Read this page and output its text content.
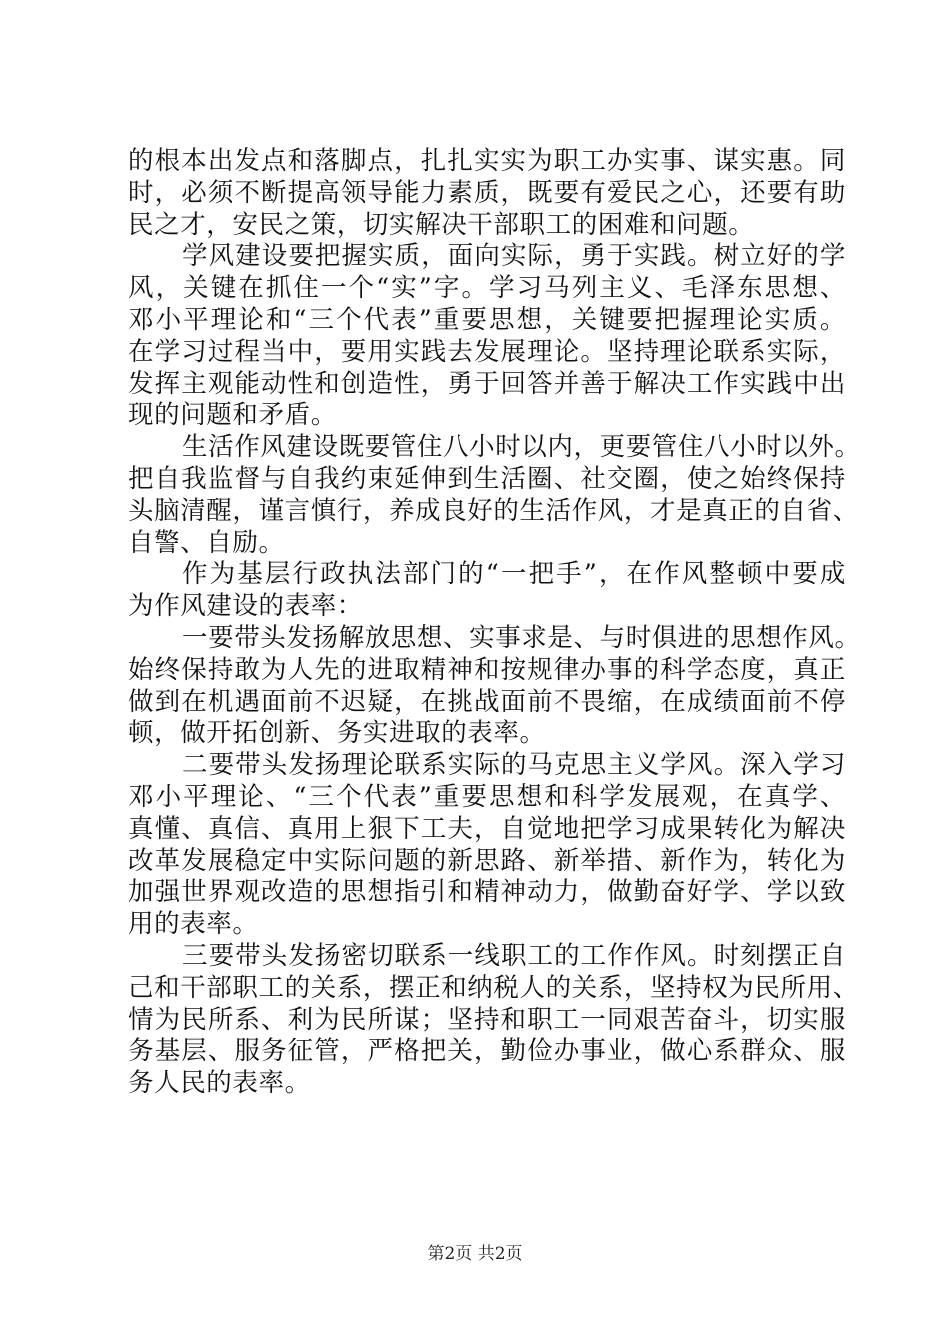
的根本出发点和落脚点，扎扎实实为职工办实事、谋实惠。同
时，必须不断提高领导能力素质，既要有爱民之心，还要有助
民之才，安民之策，切实解决干部职工的困难和问题。
学风建设要把握实质，面向实际，勇于实践。树立好的学
风，关键在抓住一个“实”字。学习马列主义、毛泽东思想、
邓小平理论和“三个代表”重要思想，关键要把握理论实质。
在学习过程当中，要用实践去发展理论。坚持理论联系实际，
发挥主观能动性和创造性，勇于回答并善于解决工作实践中出
现的问题和矛盾。
生活作风建设既要管住八小时以内，更要管住八小时以外。
把自我监督与自我约束延伸到生活圈、社交圈，使之始终保持
头脑清醒，谨言慎行，养成良好的生活作风，才是真正的自省、
自警、自励。
作为基层行政执法部门的“一把手”，在作风整顿中要成
为作风建设的表率：
一要带头发扬解放思想、实事求是、与时俱进的思想作风。
始终保持敢为人先的进取精神和按规律办事的科学态度，真正
做到在机遇面前不迟疑，在挑战面前不畏缩，在成绩面前不停
顿，做开拓创新、务实进取的表率。
二要带头发扬理论联系实际的马克思主义学风。深入学习
邓小平理论、“三个代表”重要思想和科学发展观，在真学、
真懂、真信、真用上狠下工夫，自觉地把学习成果转化为解决
改革发展稳定中实际问题的新思路、新举措、新作为，转化为
加强世界观改造的思想指引和精神动力，做勤奋好学、学以致
用的表率。
三要带头发扬密切联系一线职工的工作作风。时刻摆正自
己和干部职工的关系，摆正和纳税人的关系，坚持权为民所用、
情为民所系、利为民所谋；坚持和职工一同艰苦奋斗，切实服
务基层、服务征管，严格把关，勤俭办事业，做心系群众、服
务人民的表率。
第2页 共2页
